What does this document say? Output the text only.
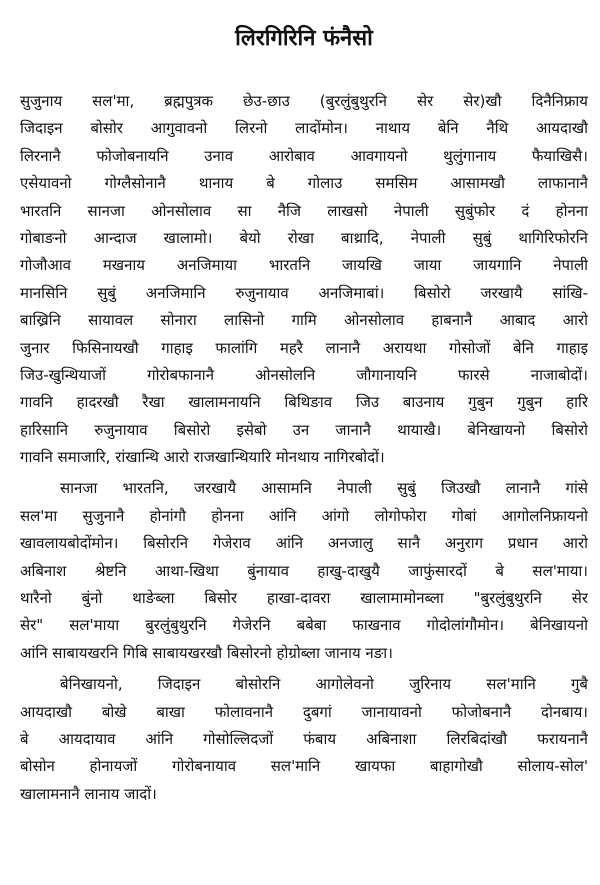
लिरगिरिनि फंनैसो
सुजुनाय सल'मा, ब्रह्मपुत्रक छेउ-छाउ (बुरलुंबुथुरनि सेर सेर)खौ दिनैनिफ्राय
जिदाइन बोसोर आगुवावनो लिरनो लादोंमोन। नाथाय बेनि नैथि आयदाखौ
लिरनानै फोजोबनायनि उनाव आरोबाव आवगायनो थुलुंगानाय फैयाखिसै।
एसेयावनो गोग्लैसोनानै थानाय बे गोलाउ समसिम आसामखौ लाफानानै
भारतनि सानजा ओनसोलाव सा नैजि लाखसो नेपाली सुबुंफोर दं होनना
गोबाङनो आन्दाज खालामो। बेयो रोखा बाथ्रादि, नेपाली सुबुं थागिरिफोरनि
गोजौआव मखनाय अनजिमाया भारतनि जायखि जाया जायगानि नेपाली
मानसिनि सुबुं अनजिमानि रुजुनायाव अनजिमाबां। बिसोरो जरखायै सांखि-
बाख्रिनि सायावल सोनारा लासिनो गामि ओनसोलाव हाबनानै आबाद आरो
जुनार फिसिनायखौ गाहाइ फालांगि महरै लानानै अरायथा गोसोजों बेनि गाहाइ
जिउ-खुन्थियाजों गोरोबफानानै ओनसोलनि जौगानायनि फारसे नाजाबोदों।
गावनि हादरखौ रैखा खालामनायनि बिथिङाव जिउ बाउनाय गुबुन गुबुन हारि
हारिसानि रुजुनायाव बिसोरो इसेबो उन जानानै थायाखै। बेनिखायनो बिसोरो
गावनि समाजारि, रांखान्थि आरो राजखान्थियारि मोनथाय नागिरबोदों।
सानजा भारतनि, जरखायै आसामनि नेपाली सुबुं जिउखौ लानानै गांसे
सल'मा सुजुनानै होनांगौ होनना आंनि आंगो लोगोफोरा गोबां आगोलनिफ्रायनो
खावलायबोदोंमोन। बिसोरनि गेजेराव आंनि अनजालु सानै अनुराग प्रधान आरो
अबिनाश श्रेष्टनि आथा-खिथा बुंनायाव हाखु-दाखुयै जाफुंसारदों बे सल'माया।
थारैनो बुंनो थाङेब्ला बिसोर हाखा-दावरा खालामामोनब्ला "बुरलुंबुथुरनि सेर
सेर" सल'माया बुरलुंबुथुरनि गेजेरनि बबेबा फाखनाव गोदोलांगौमोन। बेनिखायनो
आंनि साबायखरनि गिबि साबायखरखौ बिसोरनो होग्रोब्ला जानाय नङा।
बेनिखायनो, जिदाइन बोसोरनि आगोलेवनो जुरिनाय सल'मानि गुबै
आयदाखौ बोखे बाखा फोलावनानै दुबगां जानायावनो फोजोबनानै दोनबाय।
बे आयदायाव आंनि गोसोल्लिदजों फंबाय अबिनाशा लिरबिदांखौ फरायनानै
बोसोन होनायजों गोरोबनायाव सल'मानि खायफा बाहागोखौ सोलाय-सोल'
खालामनानै लानाय जादों।
